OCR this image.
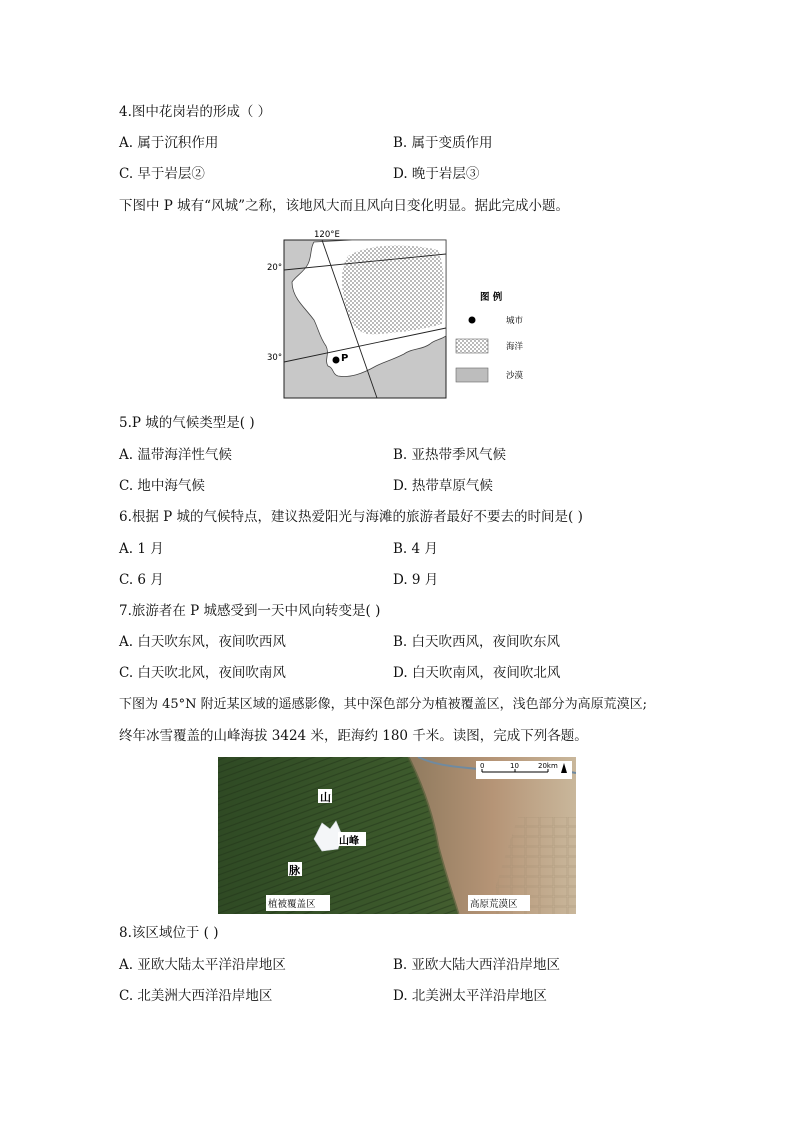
4.图中花岗岩的形成（ ）
A. 属于沉积作用	B. 属于变质作用
C. 早于岩层②	D. 晚于岩层③
下图中 P 城有“风城”之称，该地风大而且风向日变化明显。据此完成小题。
P
120°E
20°
30°
图 例
城市
海洋
沙漠
5.P 城的气候类型是( )
A. 温带海洋性气候	B. 亚热带季风气候
C. 地中海气候	D. 热带草原气候
6.根据 P 城的气候特点，建议热爱阳光与海滩的旅游者最好不要去的时间是( )
A. 1 月	B. 4 月
C. 6 月	D. 9 月
7.旅游者在 P 城感受到一天中风向转变是( )
A. 白天吹东风，夜间吹西风	B. 白天吹西风，夜间吹东风
C. 白天吹北风，夜间吹南风	D. 白天吹南风，夜间吹北风
下图为 45°N 附近某区域的遥感影像，其中深色部分为植被覆盖区，浅色部分为高原荒漠区;
终年冰雪覆盖的山峰海拔 3424 米，距海约 180 千米。读图，完成下列各题。
山
山峰
脉
植被覆盖区	高原荒漠区
0	10	20km
8.该区域位于 ( )
A. 亚欧大陆太平洋沿岸地区	B. 亚欧大陆大西洋沿岸地区
C. 北美洲大西洋沿岸地区	D. 北美洲太平洋沿岸地区
